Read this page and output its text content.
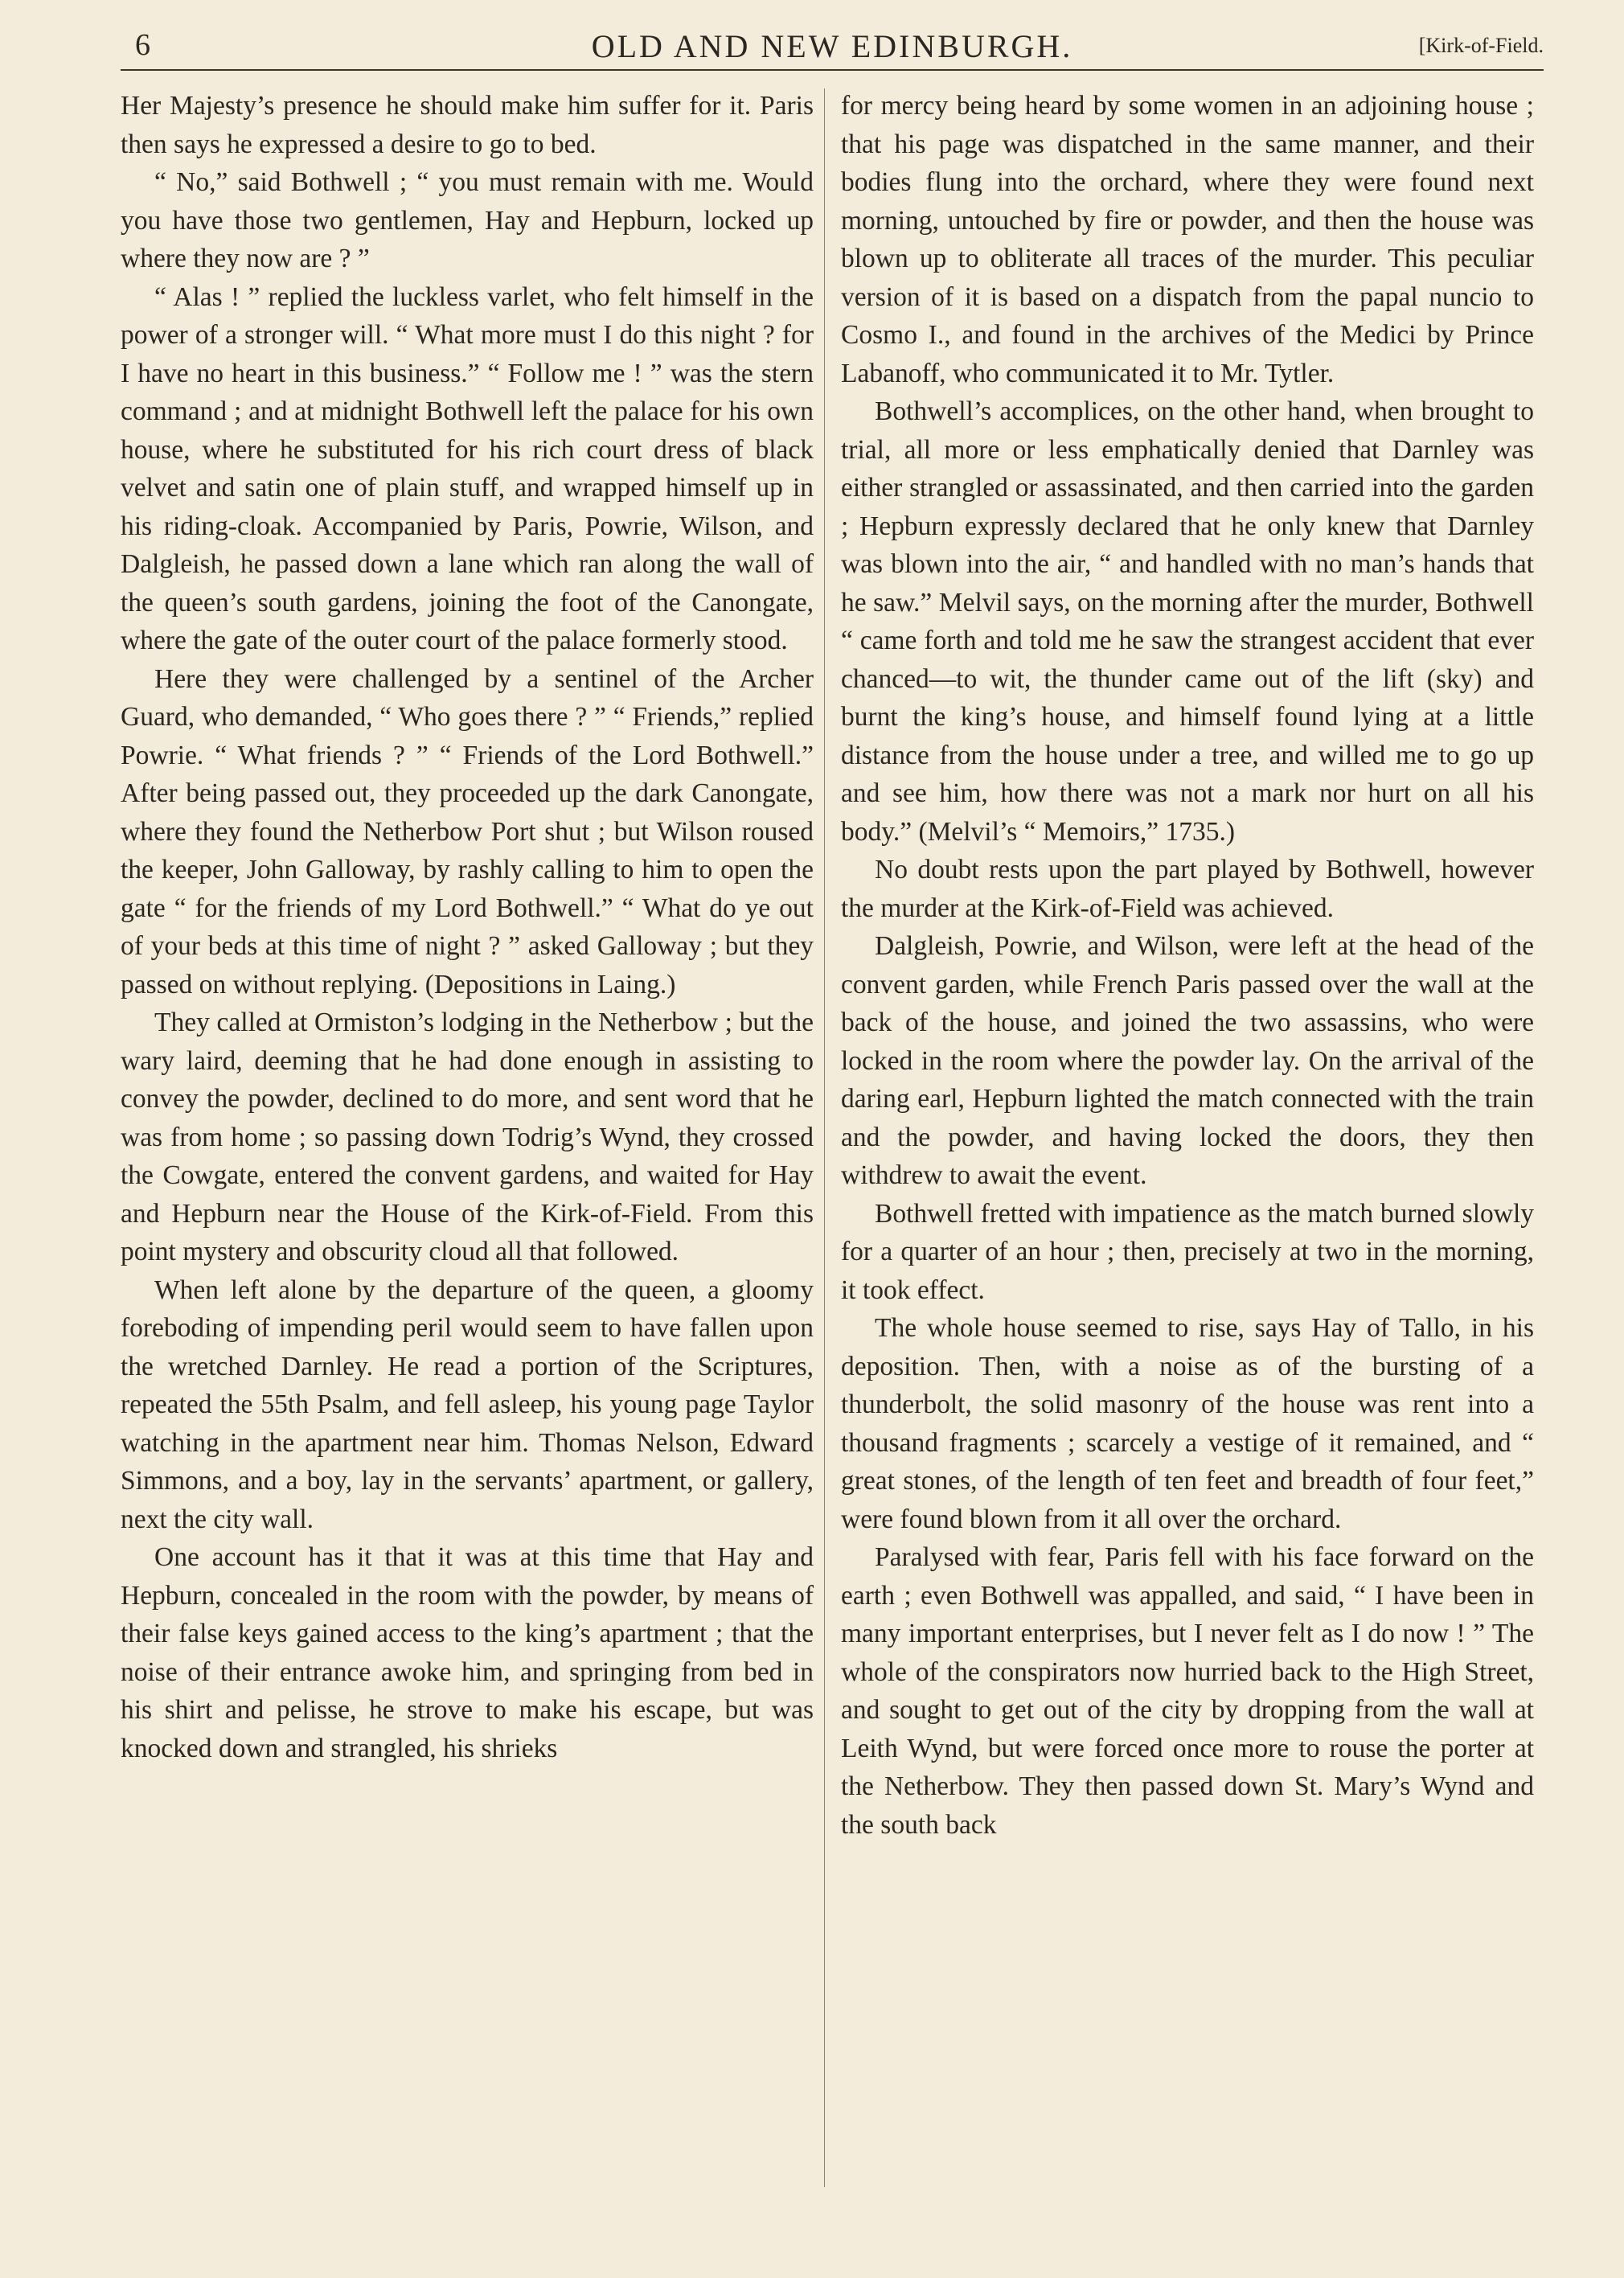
6	OLD AND NEW EDINBURGH.	[Kirk-of-Field.

Her Majesty’s presence he should make him suffer for it. Paris then says he expressed a desire to go to bed.

“ No,” said Bothwell ; “ you must remain with me. Would you have those two gentlemen, Hay and Hepburn, locked up where they now are ? ”

“ Alas ! ” replied the luckless varlet, who felt himself in the power of a stronger will. “ What more must I do this night ? for I have no heart in this business.” “ Follow me ! ” was the stern command ; and at midnight Bothwell left the palace for his own house, where he substituted for his rich court dress of black velvet and satin one of plain stuff, and wrapped himself up in his riding-cloak. Accompanied by Paris, Powrie, Wilson, and Dalgleish, he passed down a lane which ran along the wall of the queen’s south gardens, joining the foot of the Canongate, where the gate of the outer court of the palace formerly stood.

Here they were challenged by a sentinel of the Archer Guard, who demanded, “ Who goes there ? ” “ Friends,” replied Powrie. “ What friends ? ” “ Friends of the Lord Bothwell.” After being passed out, they proceeded up the dark Canongate, where they found the Netherbow Port shut ; but Wilson roused the keeper, John Galloway, by rashly calling to him to open the gate “ for the friends of my Lord Bothwell.” “ What do ye out of your beds at this time of night ? ” asked Galloway ; but they passed on without replying. (Depositions in Laing.)

They called at Ormiston’s lodging in the Netherbow ; but the wary laird, deeming that he had done enough in assisting to convey the powder, declined to do more, and sent word that he was from home ; so passing down Todrig’s Wynd, they crossed the Cowgate, entered the convent gardens, and waited for Hay and Hepburn near the House of the Kirk-of-Field. From this point mystery and obscurity cloud all that followed.

When left alone by the departure of the queen, a gloomy foreboding of impending peril would seem to have fallen upon the wretched Darnley. He read a portion of the Scriptures, repeated the 55th Psalm, and fell asleep, his young page Taylor watching in the apartment near him. Thomas Nelson, Edward Simmons, and a boy, lay in the servants’ apartment, or gallery, next the city wall.

One account has it that it was at this time that Hay and Hepburn, concealed in the room with the powder, by means of their false keys gained access to the king’s apartment ; that the noise of their entrance awoke him, and springing from bed in his shirt and pelisse, he strove to make his escape, but was knocked down and strangled, his shrieks

for mercy being heard by some women in an adjoining house ; that his page was dispatched in the same manner, and their bodies flung into the orchard, where they were found next morning, untouched by fire or powder, and then the house was blown up to obliterate all traces of the murder. This peculiar version of it is based on a dispatch from the papal nuncio to Cosmo I., and found in the archives of the Medici by Prince Labanoff, who communicated it to Mr. Tytler.

Bothwell’s accomplices, on the other hand, when brought to trial, all more or less emphatically denied that Darnley was either strangled or assassinated, and then carried into the garden ; Hepburn expressly declared that he only knew that Darnley was blown into the air, “ and handled with no man’s hands that he saw.” Melvil says, on the morning after the murder, Bothwell “ came forth and told me he saw the strangest accident that ever chanced—to wit, the thunder came out of the lift (sky) and burnt the king’s house, and himself found lying at a little distance from the house under a tree, and willed me to go up and see him, how there was not a mark nor hurt on all his body.” (Melvil’s “ Memoirs,” 1735.)

No doubt rests upon the part played by Bothwell, however the murder at the Kirk-of-Field was achieved.

Dalgleish, Powrie, and Wilson, were left at the head of the convent garden, while French Paris passed over the wall at the back of the house, and joined the two assassins, who were locked in the room where the powder lay. On the arrival of the daring earl, Hepburn lighted the match connected with the train and the powder, and having locked the doors, they then withdrew to await the event.

Bothwell fretted with impatience as the match burned slowly for a quarter of an hour ; then, precisely at two in the morning, it took effect.

The whole house seemed to rise, says Hay of Tallo, in his deposition. Then, with a noise as of the bursting of a thunderbolt, the solid masonry of the house was rent into a thousand fragments ; scarcely a vestige of it remained, and “ great stones, of the length of ten feet and breadth of four feet,” were found blown from it all over the orchard.

Paralysed with fear, Paris fell with his face forward on the earth ; even Bothwell was appalled, and said, “ I have been in many important enterprises, but I never felt as I do now ! ” The whole of the conspirators now hurried back to the High Street, and sought to get out of the city by dropping from the wall at Leith Wynd, but were forced once more to rouse the porter at the Netherbow. They then passed down St. Mary’s Wynd and the south back
